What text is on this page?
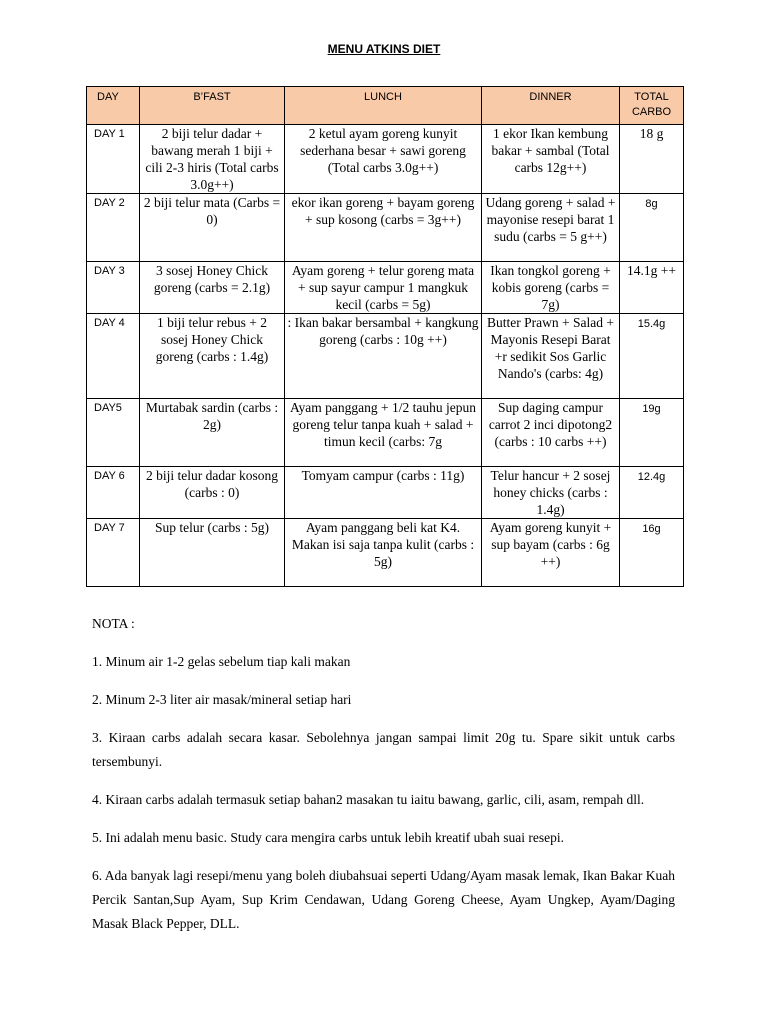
MENU ATKINS DIET
DAY	B’FAST	LUNCH	DINNER	TOTAL CARBO
DAY 1	2 biji telur dadar + bawang merah 1 biji + cili 2-3 hiris (Total carbs 3.0g++)	2 ketul ayam goreng kunyit sederhana besar + sawi goreng (Total carbs 3.0g++)	1 ekor Ikan kembung bakar + sambal (Total carbs 12g++)	18 g
DAY 2	2 biji telur mata (Carbs = 0)	ekor ikan goreng + bayam goreng + sup kosong (carbs = 3g++)	Udang goreng + salad + mayonise resepi barat 1 sudu (carbs = 5 g++)	8g
DAY 3	3 sosej Honey Chick goreng (carbs = 2.1g)	Ayam goreng + telur goreng mata + sup sayur campur 1 mangkuk kecil (carbs = 5g)	Ikan tongkol goreng + kobis goreng (carbs = 7g)	14.1g ++
DAY 4	1 biji telur rebus + 2 sosej Honey Chick goreng (carbs : 1.4g)	: Ikan bakar bersambal + kangkung goreng (carbs : 10g ++)	Butter Prawn + Salad + Mayonis Resepi Barat +r sedikit Sos Garlic Nando's (carbs: 4g)	15.4g
DAY5	Murtabak sardin (carbs : 2g)	Ayam panggang + 1/2 tauhu jepun goreng telur tanpa kuah + salad + timun kecil (carbs: 7g	Sup daging campur carrot 2 inci dipotong2 (carbs : 10 carbs ++)	19g
DAY 6	2 biji telur dadar kosong (carbs : 0)	Tomyam campur (carbs : 11g)	Telur hancur + 2 sosej honey chicks (carbs : 1.4g)	12.4g
DAY 7	Sup telur (carbs : 5g)	Ayam panggang beli kat K4. Makan isi saja tanpa kulit (carbs : 5g)	Ayam goreng kunyit + sup bayam (carbs : 6g ++)	16g

NOTA :

1. Minum air 1-2 gelas sebelum tiap kali makan

2. Minum 2-3 liter air masak/mineral setiap hari

3. Kiraan carbs adalah secara kasar. Sebolehnya jangan sampai limit 20g tu. Spare sikit untuk carbs tersembunyi.

4. Kiraan carbs adalah termasuk setiap bahan2 masakan tu iaitu bawang, garlic, cili, asam, rempah dll.

5. Ini adalah menu basic. Study cara mengira carbs untuk lebih kreatif ubah suai resepi.

6. Ada banyak lagi resepi/menu yang boleh diubahsuai seperti Udang/Ayam masak lemak, Ikan Bakar Kuah Percik Santan,Sup Ayam, Sup Krim Cendawan, Udang Goreng Cheese, Ayam Ungkep, Ayam/Daging Masak Black Pepper, DLL.
